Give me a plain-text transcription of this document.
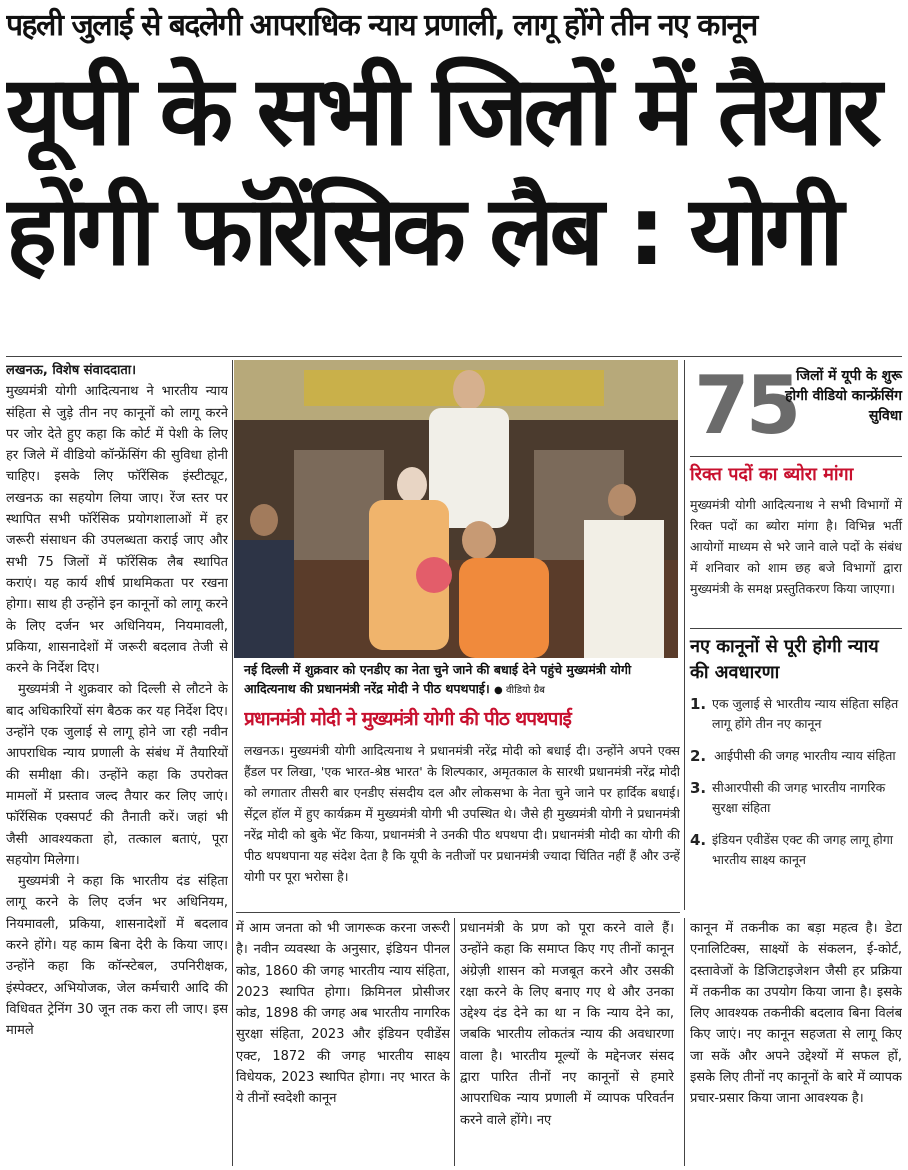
पहली जुलाई से बदलेगी आपराधिक न्याय प्रणाली, लागू होंगे तीन नए कानून
यूपी के सभी जिलों में तैयार
होंगी फॉरेंसिक लैब : योगी

लखनऊ, विशेष संवाददाता।

मुख्यमंत्री योगी आदित्यनाथ ने भारतीय न्याय संहिता से जुड़े तीन नए कानूनों को लागू करने पर जोर देते हुए कहा कि कोर्ट में पेशी के लिए हर जिले में वीडियो कॉन्फ्रेंसिंग की सुविधा होनी चाहिए। इसके लिए फॉरेंसिक इंस्टीट्यूट, लखनऊ का सहयोग लिया जाए। रेंज स्तर पर स्थापित सभी फॉरेंसिक प्रयोगशालाओं में हर जरूरी संसाधन की उपलब्धता कराई जाए और सभी 75 जिलों में फॉरेंसिक लैब स्थापित कराएं। यह कार्य शीर्ष प्राथमिकता पर रखना होगा। साथ ही उन्होंने इन कानूनों को लागू करने के लिए दर्जन भर अधिनियम, नियमावली, प्रकिया, शासनादेशों में जरूरी बदलाव तेजी से करने के निर्देश दिए।

मुख्यमंत्री ने शुक्रवार को दिल्ली से लौटने के बाद अधिकारियों संग बैठक कर यह निर्देश दिए। उन्होंने एक जुलाई से लागू होने जा रही नवीन आपराधिक न्याय प्रणाली के संबंध में तैयारियों की समीक्षा की। उन्होंने कहा कि उपरोक्त मामलों में प्रस्ताव जल्द तैयार कर लिए जाएं। फॉरेंसिक एक्सपर्ट की तैनाती करें। जहां भी जैसी आवश्यकता हो, तत्काल बताएं, पूरा सहयोग मिलेगा।

मुख्यमंत्री ने कहा कि भारतीय दंड संहिता लागू करने के लिए दर्जन भर अधिनियम, नियमावली, प्रकिया, शासनादेशों में बदलाव करने होंगे। यह काम बिना देरी के किया जाए। उन्होंने कहा कि कॉन्स्टेबल, उपनिरीक्षक, इंस्पेक्टर, अभियोजक, जेल कर्मचारी आदि की विधिवत ट्रेनिंग 30 जून तक करा ली जाए। इस मामले

नई दिल्ली में शुक्रवार को एनडीए का नेता चुने जाने की बधाई देने पहुंचे मुख्यमंत्री योगी आदित्यनाथ की प्रधानमंत्री नरेंद्र मोदी ने पीठ थपथपाई। ● वीडियो ग्रैब
प्रधानमंत्री मोदी ने मुख्यमंत्री योगी की पीठ थपथपाई

लखनऊ। मुख्यमंत्री योगी आदित्यनाथ ने प्रधानमंत्री नरेंद्र मोदी को बधाई दी। उन्होंने अपने एक्स हैंडल पर लिखा, 'एक भारत-श्रेष्ठ भारत' के शिल्पकार, अमृतकाल के सारथी प्रधानमंत्री नरेंद्र मोदी को लगातार तीसरी बार एनडीए संसदीय दल और लोकसभा के नेता चुने जाने पर हार्दिक बधाई। सेंट्रल हॉल में हुए कार्यक्रम में मुख्यमंत्री योगी भी उपस्थित थे। जैसे ही मुख्यमंत्री योगी ने प्रधानमंत्री नरेंद्र मोदी को बुके भेंट किया, प्रधानमंत्री ने उनकी पीठ थपथपा दी। प्रधानमंत्री मोदी का योगी की पीठ थपथपाना यह संदेश देता है कि यूपी के नतीजों पर प्रधानमंत्री ज्यादा चिंतित नहीं हैं और उन्हें योगी पर पूरा भरोसा है।

में आम जनता को भी जागरूक करना जरूरी है। नवीन व्यवस्था के अनुसार, इंडियन पीनल कोड, 1860 की जगह भारतीय न्याय संहिता, 2023 स्थापित होगा। क्रिमिनल प्रोसीजर कोड, 1898 की जगह अब भारतीय नागरिक सुरक्षा संहिता, 2023 और इंडियन एवीडेंस एक्ट, 1872 की जगह भारतीय साक्ष्य विधेयक, 2023 स्थापित होगा। नए भारत के ये तीनों स्वदेशी कानून

प्रधानमंत्री के प्रण को पूरा करने वाले हैं। उन्होंने कहा कि समाप्त किए गए तीनों कानून अंग्रेज़ी शासन को मजबूत करने और उसकी रक्षा करने के लिए बनाए गए थे और उनका उद्देश्य दंड देने का था न कि न्याय देने का, जबकि भारतीय लोकतंत्र न्याय की अवधारणा वाला है। भारतीय मूल्यों के मद्देनजर संसद द्वारा पारित तीनों नए कानूनों से हमारे आपराधिक न्याय प्रणाली में व्यापक परिवर्तन करने वाले होंगे। नए

कानून में तकनीक का बड़ा महत्व है। डेटा एनालिटिक्स, साक्ष्यों के संकलन, ई-कोर्ट, दस्तावेजों के डिजिटाइजेशन जैसी हर प्रक्रिया में तकनीक का उपयोग किया जाना है। इसके लिए आवश्यक तकनीकी बदलाव बिना विलंब किए जाएं। नए कानून सहजता से लागू किए जा सकें और अपने उद्देश्यों में सफल हों, इसके लिए तीनों नए कानूनों के बारे में व्यापक प्रचार-प्रसार किया जाना आवश्यक है।

75
जिलों में यूपी के शुरू होगी वीडियो कान्फ्रेंसिंग सुविधा
रिक्त पदों का ब्योरा मांगा
मुख्यमंत्री योगी आदित्यनाथ ने सभी विभागों में रिक्त पदों का ब्योरा मांगा है। विभिन्न भर्ती आयोगों माध्यम से भरे जाने वाले पदों के संबंध में शनिवार को शाम छह बजे विभागों द्वारा मुख्यमंत्री के समक्ष प्रस्तुतिकरण किया जाएगा।
नए कानूनों से पूरी होगी न्याय की अवधारणा
1. एक जुलाई से भारतीय न्याय संहिता सहित लागू होंगे तीन नए कानून
2. आईपीसी की जगह भारतीय न्याय संहिता
3. सीआरपीसी की जगह भारतीय नागरिक सुरक्षा संहिता
4. इंडियन एवीडेंस एक्ट की जगह लागू होगा भारतीय साक्ष्य कानून
